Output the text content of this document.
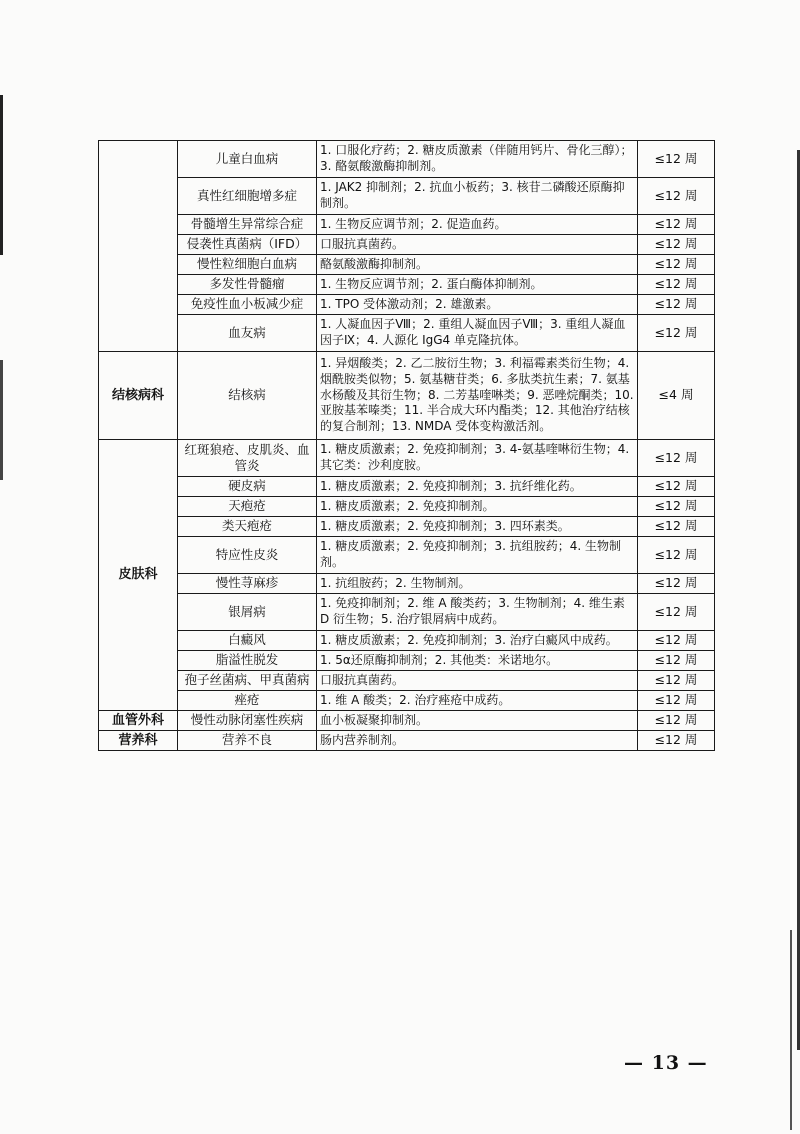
	儿童白血病	1. 口服化疗药；2. 糖皮质激素（伴随用钙片、骨化三醇）；3. 酪氨酸激酶抑制剂。	≤12 周
	真性红细胞增多症	1. JAK2 抑制剂；2. 抗血小板药；3. 核苷二磷酸还原酶抑制剂。	≤12 周
	骨髓增生异常综合症	1. 生物反应调节剂；2. 促造血药。	≤12 周
	侵袭性真菌病（IFD）	口服抗真菌药。	≤12 周
	慢性粒细胞白血病	酪氨酸激酶抑制剂。	≤12 周
	多发性骨髓瘤	1. 生物反应调节剂；2. 蛋白酶体抑制剂。	≤12 周
	免疫性血小板减少症	1. TPO 受体激动剂；2. 雄激素。	≤12 周
	血友病	1. 人凝血因子Ⅷ；2. 重组人凝血因子Ⅷ；3. 重组人凝血因子Ⅸ；4. 人源化 IgG4 单克隆抗体。	≤12 周
结核病科	结核病	1. 异烟酸类；2. 乙二胺衍生物；3. 利福霉素类衍生物；4. 烟酰胺类似物；5. 氨基糖苷类；6. 多肽类抗生素；7. 氨基水杨酸及其衍生物；8. 二芳基喹啉类；9. 恶唑烷酮类；10. 亚胺基苯嗪类；11. 半合成大环内酯类；12. 其他治疗结核的复合制剂；13. NMDA 受体变构激活剂。	≤4 周
皮肤科	红斑狼疮、皮肌炎、血管炎	1. 糖皮质激素；2. 免疫抑制剂；3. 4-氨基喹啉衍生物；4. 其它类：沙利度胺。	≤12 周
	硬皮病	1. 糖皮质激素；2. 免疫抑制剂；3. 抗纤维化药。	≤12 周
	天疱疮	1. 糖皮质激素；2. 免疫抑制剂。	≤12 周
	类天疱疮	1. 糖皮质激素；2. 免疫抑制剂；3. 四环素类。	≤12 周
	特应性皮炎	1. 糖皮质激素；2. 免疫抑制剂；3. 抗组胺药；4. 生物制剂。	≤12 周
	慢性荨麻疹	1. 抗组胺药；2. 生物制剂。	≤12 周
	银屑病	1. 免疫抑制剂；2. 维 A 酸类药；3. 生物制剂；4. 维生素 D 衍生物；5. 治疗银屑病中成药。	≤12 周
	白癜风	1. 糖皮质激素；2. 免疫抑制剂；3. 治疗白癜风中成药。	≤12 周
	脂溢性脱发	1. 5α还原酶抑制剂；2. 其他类：米诺地尔。	≤12 周
	孢子丝菌病、甲真菌病	口服抗真菌药。	≤12 周
	痤疮	1. 维 A 酸类；2. 治疗痤疮中成药。	≤12 周
血管外科	慢性动脉闭塞性疾病	血小板凝聚抑制剂。	≤12 周
营养科	营养不良	肠内营养制剂。	≤12 周
— 13 —
